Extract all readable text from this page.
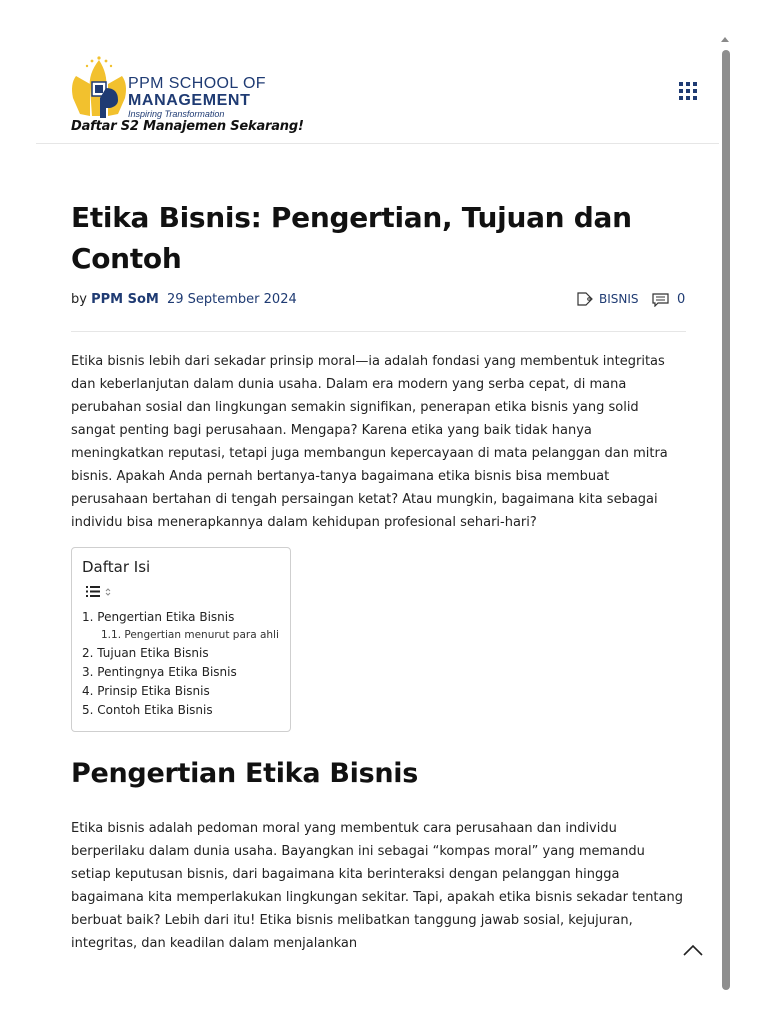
PPM SCHOOL OF
MANAGEMENT
Inspiring Transformation
Daftar S2 Manajemen Sekarang!
Etika Bisnis: Pengertian, Tujuan dan Contoh
by PPM SoM 29 September 2024	BISNIS	0

Etika bisnis lebih dari sekadar prinsip moral—ia adalah fondasi yang membentuk integritas dan keberlanjutan dalam dunia usaha. Dalam era modern yang serba cepat, di mana perubahan sosial dan lingkungan semakin signifikan, penerapan etika bisnis yang solid sangat penting bagi perusahaan. Mengapa? Karena etika yang baik tidak hanya meningkatkan reputasi, tetapi juga membangun kepercayaan di mata pelanggan dan mitra bisnis. Apakah Anda pernah bertanya-tanya bagaimana etika bisnis bisa membuat perusahaan bertahan di tengah persaingan ketat? Atau mungkin, bagaimana kita sebagai individu bisa menerapkannya dalam kehidupan profesional sehari-hari?

Daftar Isi
1. Pengertian Etika Bisnis
1.1. Pengertian menurut para ahli
2. Tujuan Etika Bisnis
3. Pentingnya Etika Bisnis
4. Prinsip Etika Bisnis
5. Contoh Etika Bisnis
Pengertian Etika Bisnis

Etika bisnis adalah pedoman moral yang membentuk cara perusahaan dan individu berperilaku dalam dunia usaha. Bayangkan ini sebagai “kompas moral” yang memandu setiap keputusan bisnis, dari bagaimana kita berinteraksi dengan pelanggan hingga bagaimana kita memperlakukan lingkungan sekitar. Tapi, apakah etika bisnis sekadar tentang berbuat baik? Lebih dari itu! Etika bisnis melibatkan tanggung jawab sosial, kejujuran, integritas, dan keadilan dalam menjalankan
